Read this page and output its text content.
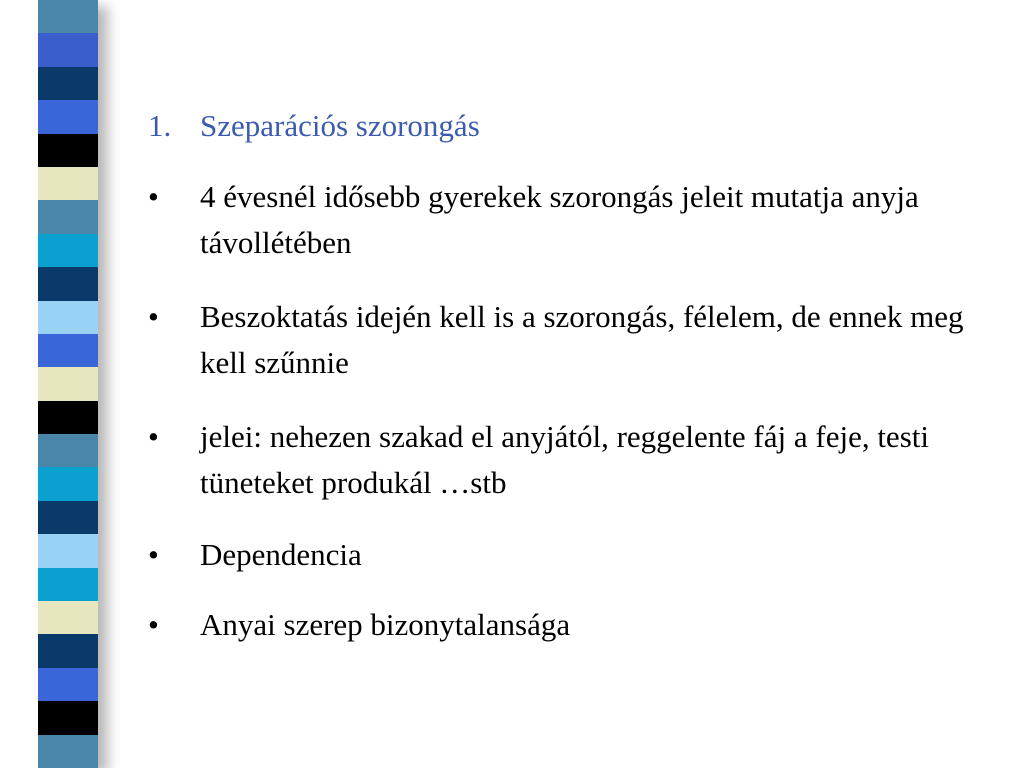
1. Szeparációs szorongás

• 4 évesnél idősebb gyerekek szorongás jeleit mutatja anyja távollétében

• Beszoktatás idején kell is a szorongás, félelem, de ennek meg kell szűnnie

• jelei: nehezen szakad el anyjától, reggelente fáj a feje, testi tüneteket produkál …stb

• Dependencia

• Anyai szerep bizonytalansága
